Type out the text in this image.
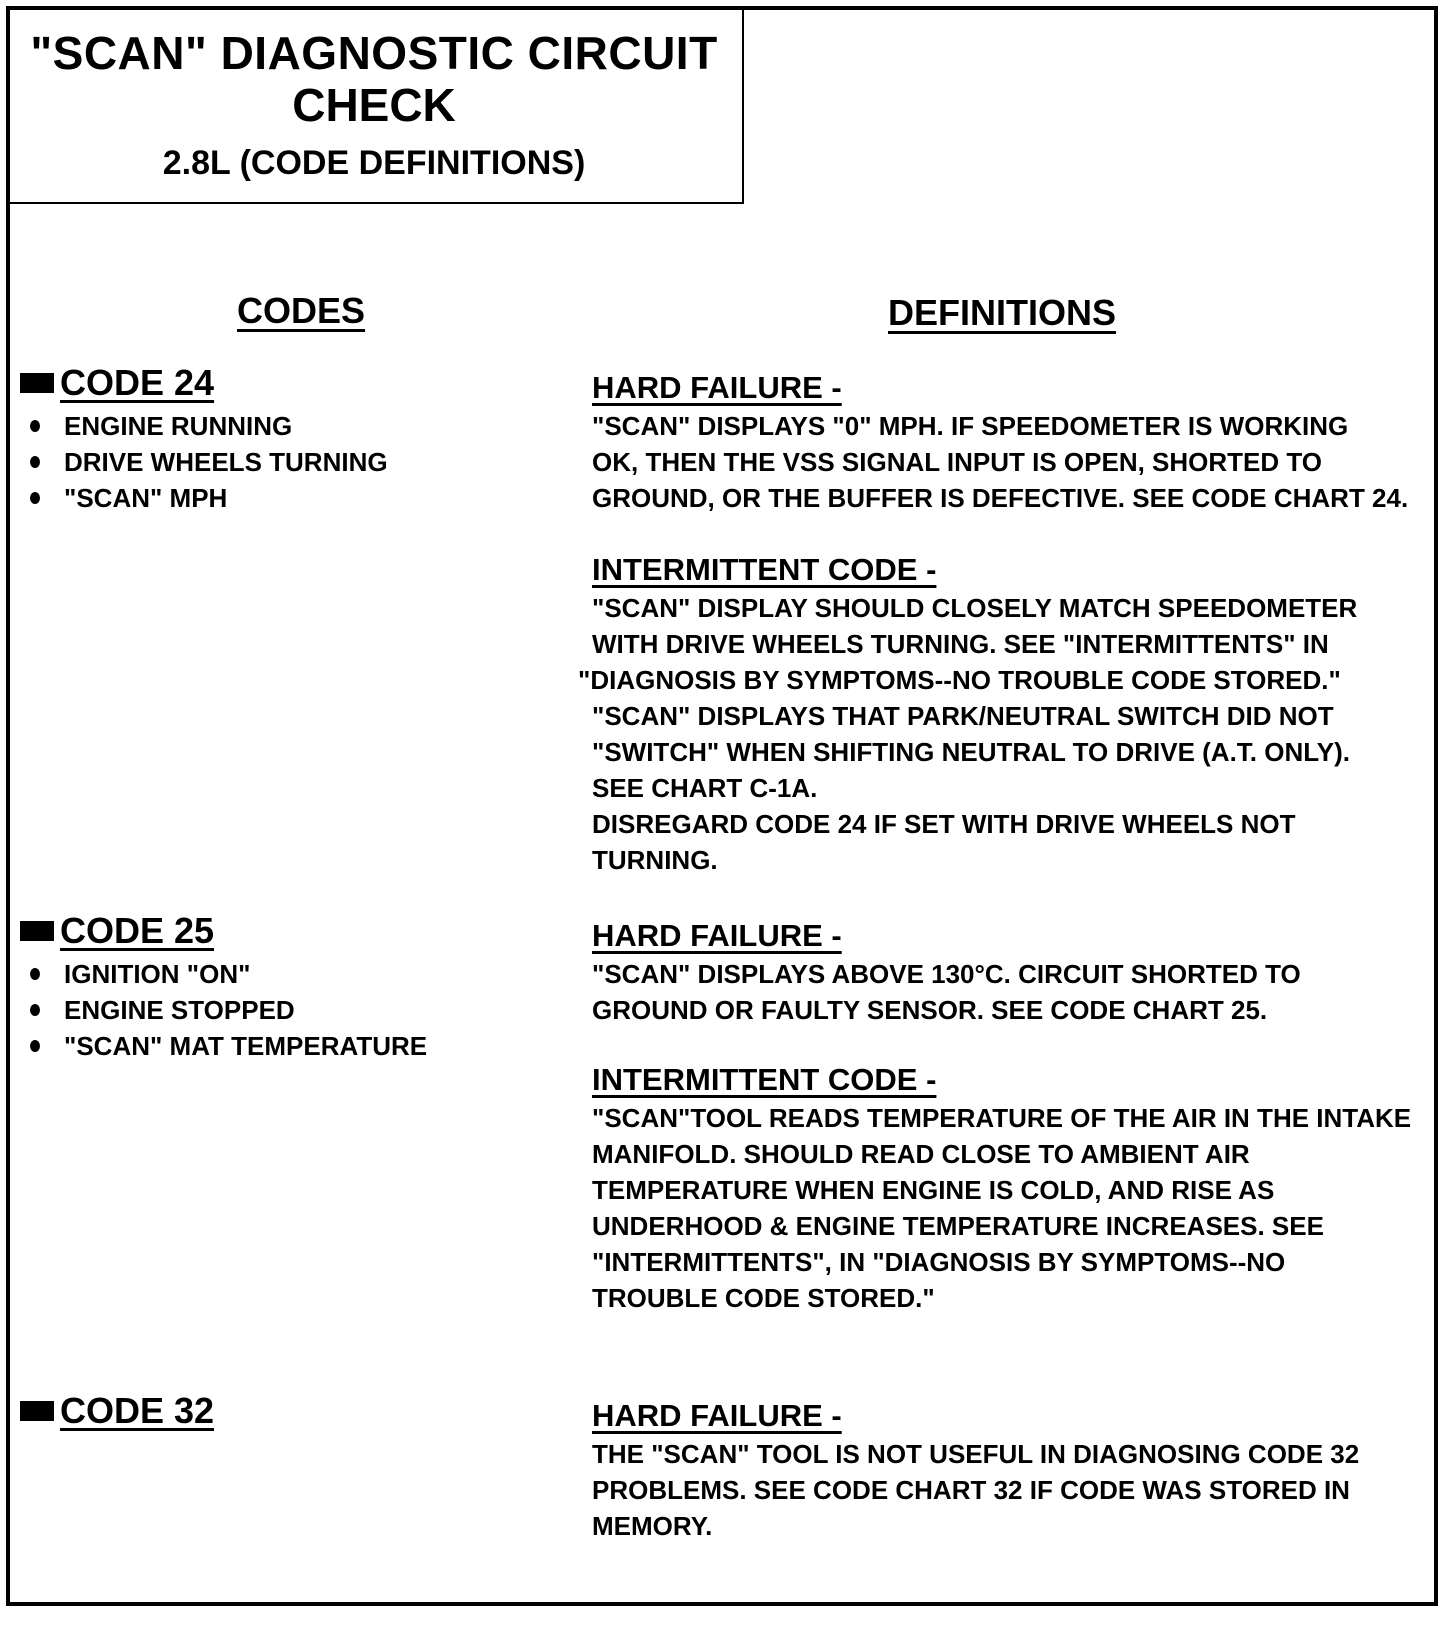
"SCAN" DIAGNOSTIC CIRCUIT
CHECK
2.8L (CODE DEFINITIONS)
CODES	DEFINITIONS
CODE 24
ENGINE RUNNING
DRIVE WHEELS TURNING
"SCAN" MPH
HARD FAILURE -
"SCAN" DISPLAYS "0" MPH. IF SPEEDOMETER IS WORKING
OK, THEN THE VSS SIGNAL INPUT IS OPEN, SHORTED TO
GROUND, OR THE BUFFER IS DEFECTIVE. SEE CODE CHART 24.
INTERMITTENT CODE -
"SCAN" DISPLAY SHOULD CLOSELY MATCH SPEEDOMETER
WITH DRIVE WHEELS TURNING. SEE "INTERMITTENTS" IN
"DIAGNOSIS BY SYMPTOMS--NO TROUBLE CODE STORED."
"SCAN" DISPLAYS THAT PARK/NEUTRAL SWITCH DID NOT
"SWITCH" WHEN SHIFTING NEUTRAL TO DRIVE (A.T. ONLY).
SEE CHART C-1A.
DISREGARD CODE 24 IF SET WITH DRIVE WHEELS NOT
TURNING.
CODE 25
IGNITION "ON"
ENGINE STOPPED
"SCAN" MAT TEMPERATURE
HARD FAILURE -
"SCAN" DISPLAYS ABOVE 130°C. CIRCUIT SHORTED TO
GROUND OR FAULTY SENSOR. SEE CODE CHART 25.
INTERMITTENT CODE -
"SCAN"TOOL READS TEMPERATURE OF THE AIR IN THE INTAKE
MANIFOLD. SHOULD READ CLOSE TO AMBIENT AIR
TEMPERATURE WHEN ENGINE IS COLD, AND RISE AS
UNDERHOOD & ENGINE TEMPERATURE INCREASES. SEE
"INTERMITTENTS", IN "DIAGNOSIS BY SYMPTOMS--NO
TROUBLE CODE STORED."
CODE 32	HARD FAILURE -
THE "SCAN" TOOL IS NOT USEFUL IN DIAGNOSING CODE 32
PROBLEMS. SEE CODE CHART 32 IF CODE WAS STORED IN
MEMORY.
